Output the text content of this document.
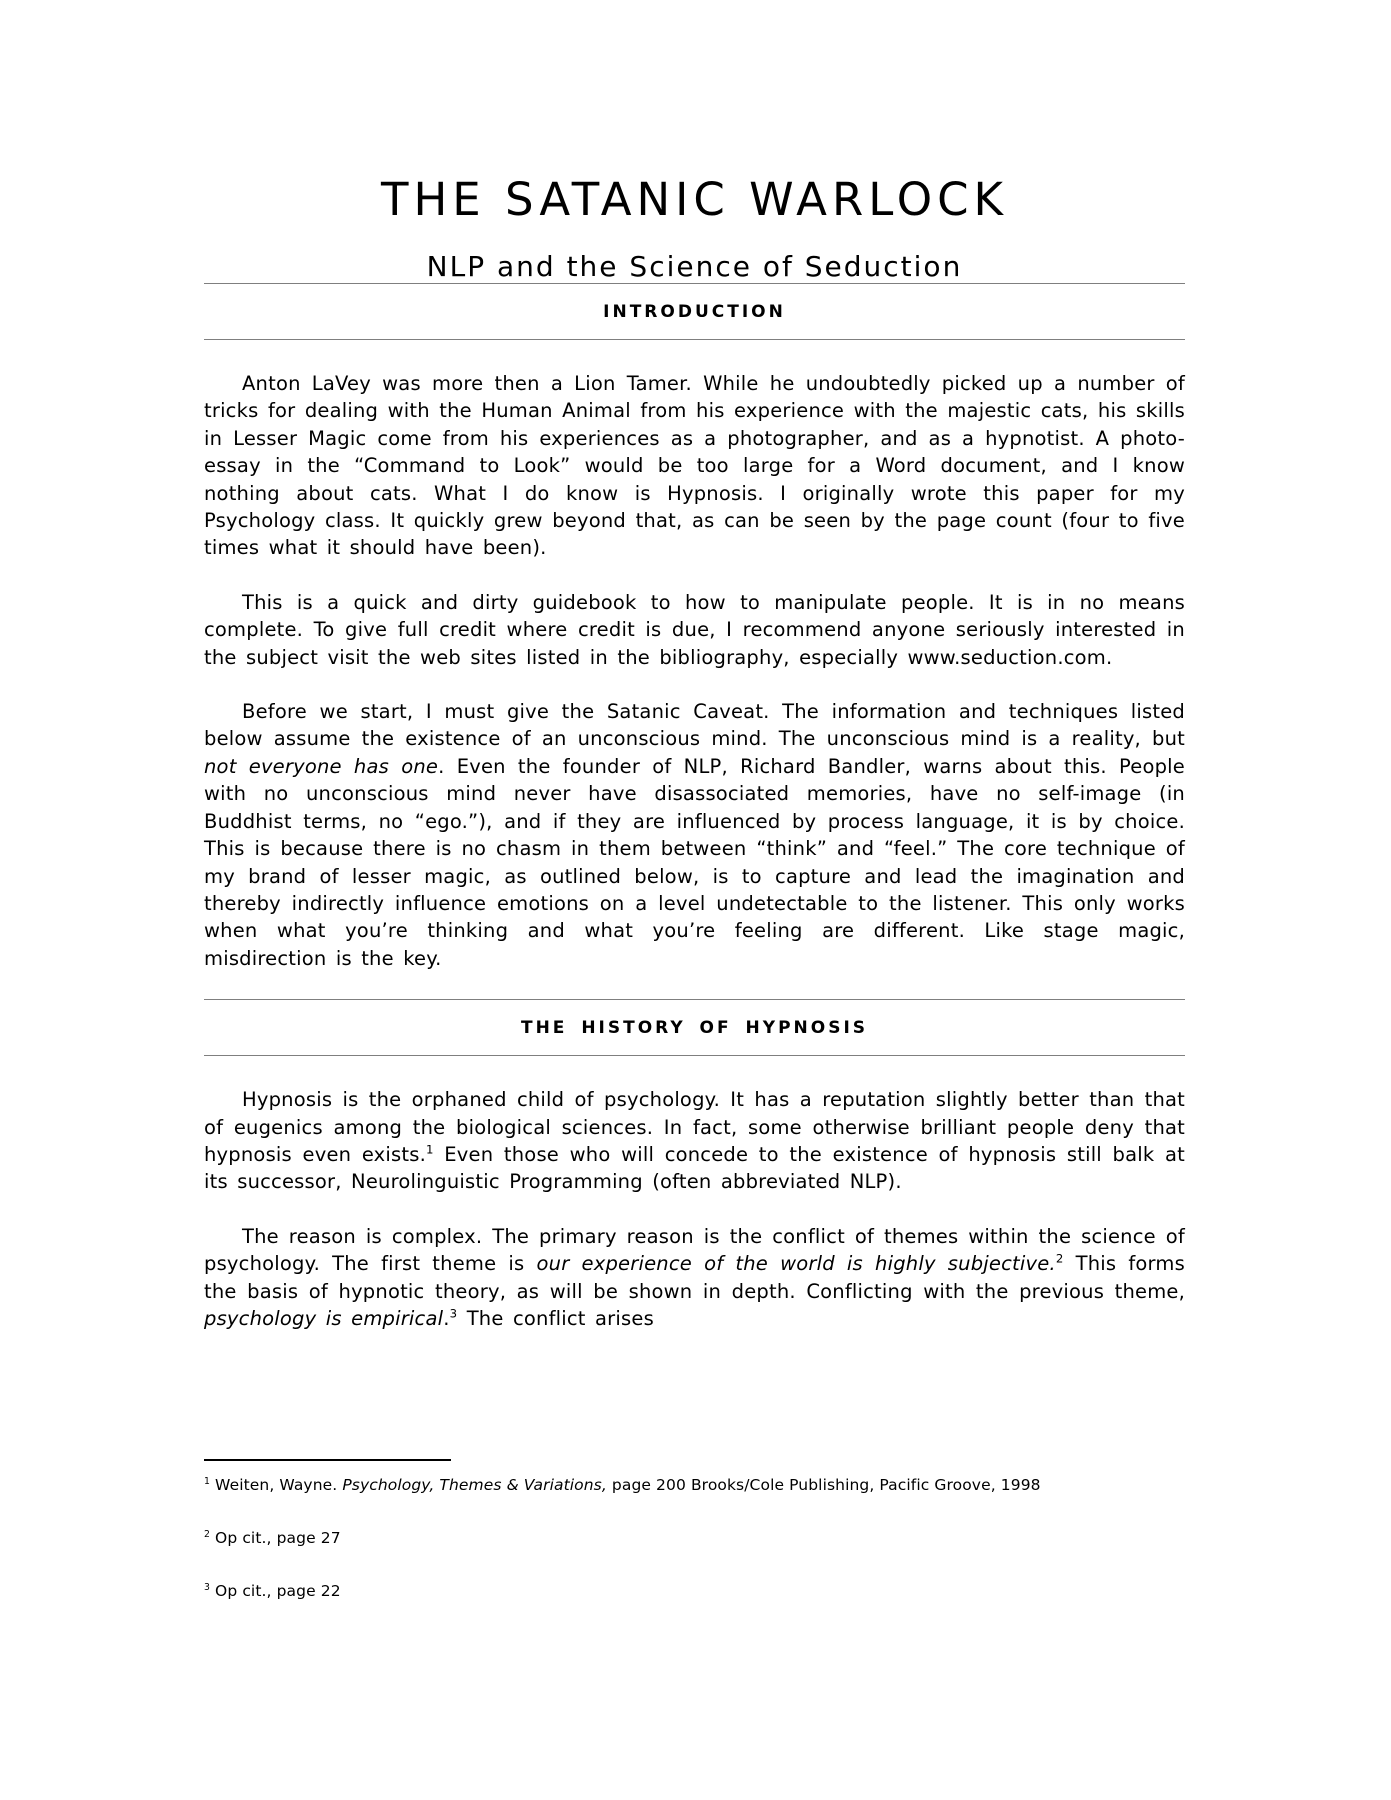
THE SATANIC WARLOCK
NLP and the Science of Seduction
INTRODUCTION

Anton LaVey was more then a Lion Tamer. While he undoubtedly picked up a number of tricks for dealing with the Human Animal from his experience with the majestic cats, his skills in Lesser Magic come from his experiences as a photographer, and as a hypnotist. A photo-essay in the “Command to Look” would be too large for a Word document, and I know nothing about cats. What I do know is Hypnosis. I originally wrote this paper for my Psychology class. It quickly grew beyond that, as can be seen by the page count (four to five times what it should have been).

This is a quick and dirty guidebook to how to manipulate people. It is in no means complete. To give full credit where credit is due, I recommend anyone seriously interested in the subject visit the web sites listed in the bibliography, especially www.seduction.com.

Before we start, I must give the Satanic Caveat. The information and techniques listed below assume the existence of an unconscious mind. The unconscious mind is a reality, but not everyone has one. Even the founder of NLP, Richard Bandler, warns about this. People with no unconscious mind never have disassociated memories, have no self-image (in Buddhist terms, no “ego.”), and if they are influenced by process language, it is by choice. This is because there is no chasm in them between “think” and “feel.” The core technique of my brand of lesser magic, as outlined below, is to capture and lead the imagination and thereby indirectly influence emotions on a level undetectable to the listener. This only works when what you’re thinking and what you’re feeling are different. Like stage magic, misdirection is the key.

THE HISTORY OF HYPNOSIS

Hypnosis is the orphaned child of psychology. It has a reputation slightly better than that of eugenics among the biological sciences. In fact, some otherwise brilliant people deny that hypnosis even exists.$^1$ Even those who will concede to the existence of hypnosis still balk at its successor, Neurolinguistic Programming (often abbreviated NLP).

The reason is complex. The primary reason is the conflict of themes within the science of psychology. The first theme is our experience of the world is highly subjective.$^2$ This forms the basis of hypnotic theory, as will be shown in depth. Conflicting with the previous theme, psychology is empirical.$^3$ The conflict arises

$^1$ Weiten, Wayne. Psychology, Themes & Variations, page 200 Brooks/Cole Publishing, Pacific Groove, 1998
$^2$ Op cit., page 27
$^3$ Op cit., page 22
